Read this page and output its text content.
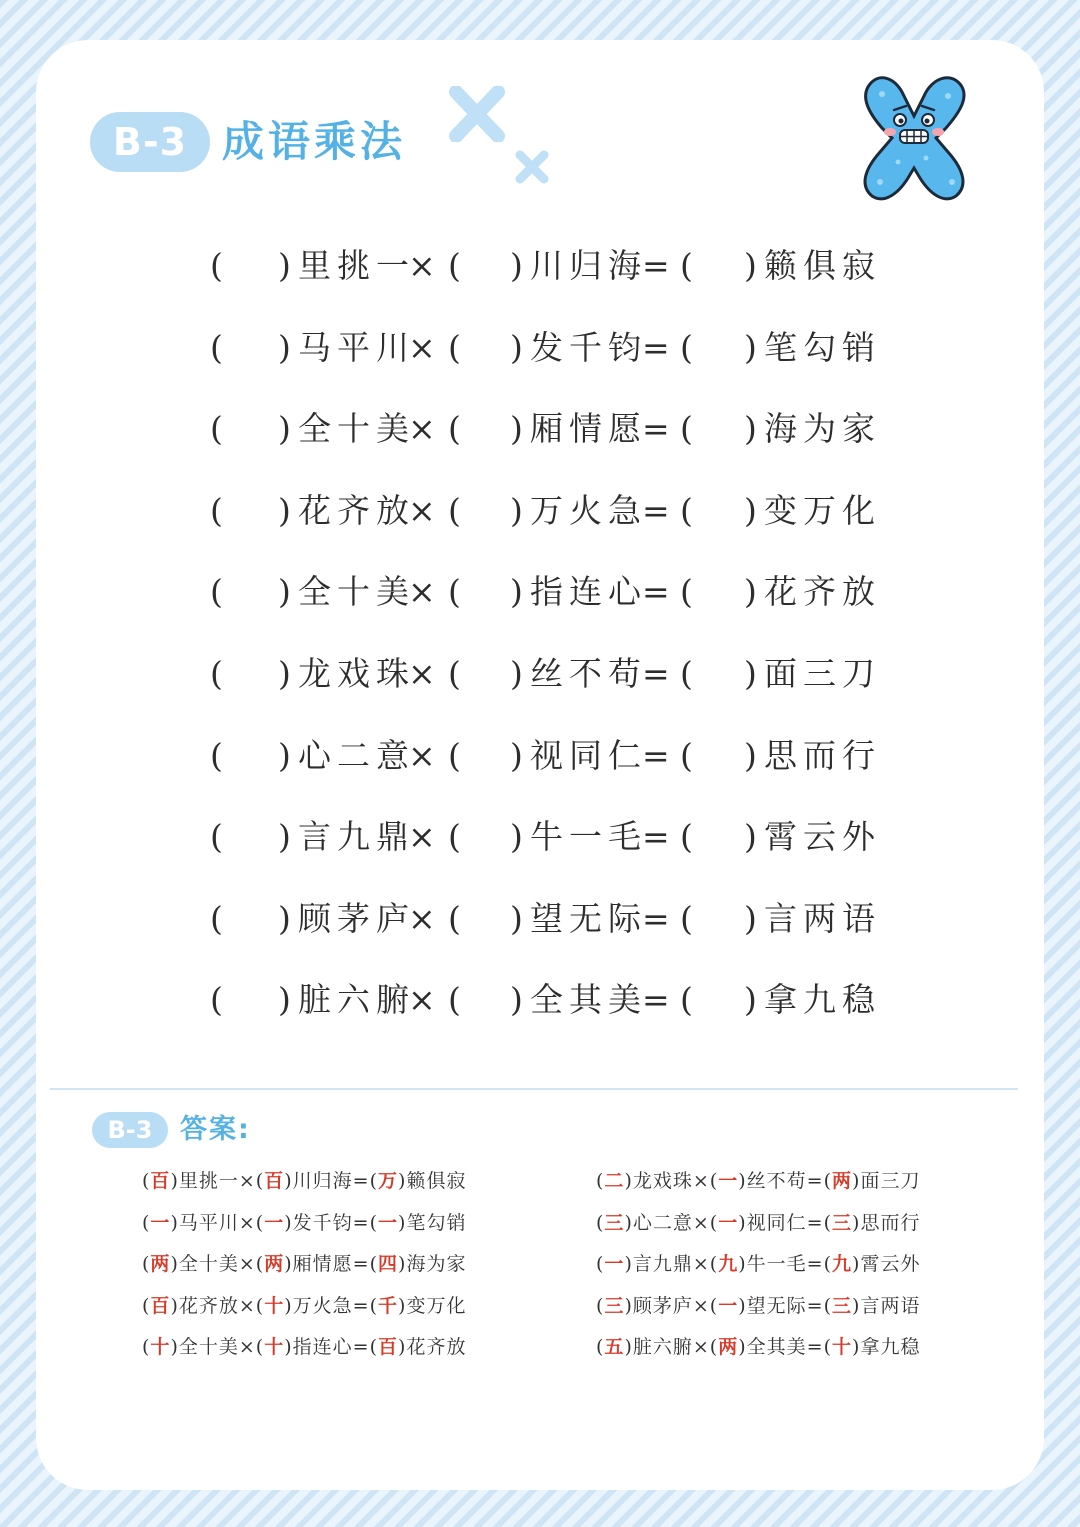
B-3 成语乘法
( ) 里挑一
× ( ) 川归海
= ( ) 籁俱寂
( ) 马平川
× ( ) 发千钧
= ( ) 笔勾销
( ) 全十美
× ( ) 厢情愿
= ( ) 海为家
( ) 花齐放
× ( ) 万火急
= ( ) 变万化
( ) 全十美
× ( ) 指连心
= ( ) 花齐放
( ) 龙戏珠
× ( ) 丝不苟
= ( ) 面三刀
( ) 心二意
× ( ) 视同仁
= ( ) 思而行
( ) 言九鼎
× ( ) 牛一毛
= ( ) 霄云外
( ) 顾茅庐
× ( ) 望无际
= ( ) 言两语
( ) 脏六腑
× ( ) 全其美
= ( ) 拿九稳
B-3	答案:
(百)里挑一×(百)川归海=(万)籁俱寂
(一)马平川×(一)发千钧=(一)笔勾销
(两)全十美×(两)厢情愿=(四)海为家
(百)花齐放×(十)万火急=(千)变万化
(十)全十美×(十)指连心=(百)花齐放
(二)龙戏珠×(一)丝不苟=(两)面三刀
(三)心二意×(一)视同仁=(三)思而行
(一)言九鼎×(九)牛一毛=(九)霄云外
(三)顾茅庐×(一)望无际=(三)言两语
(五)脏六腑×(两)全其美=(十)拿九稳
